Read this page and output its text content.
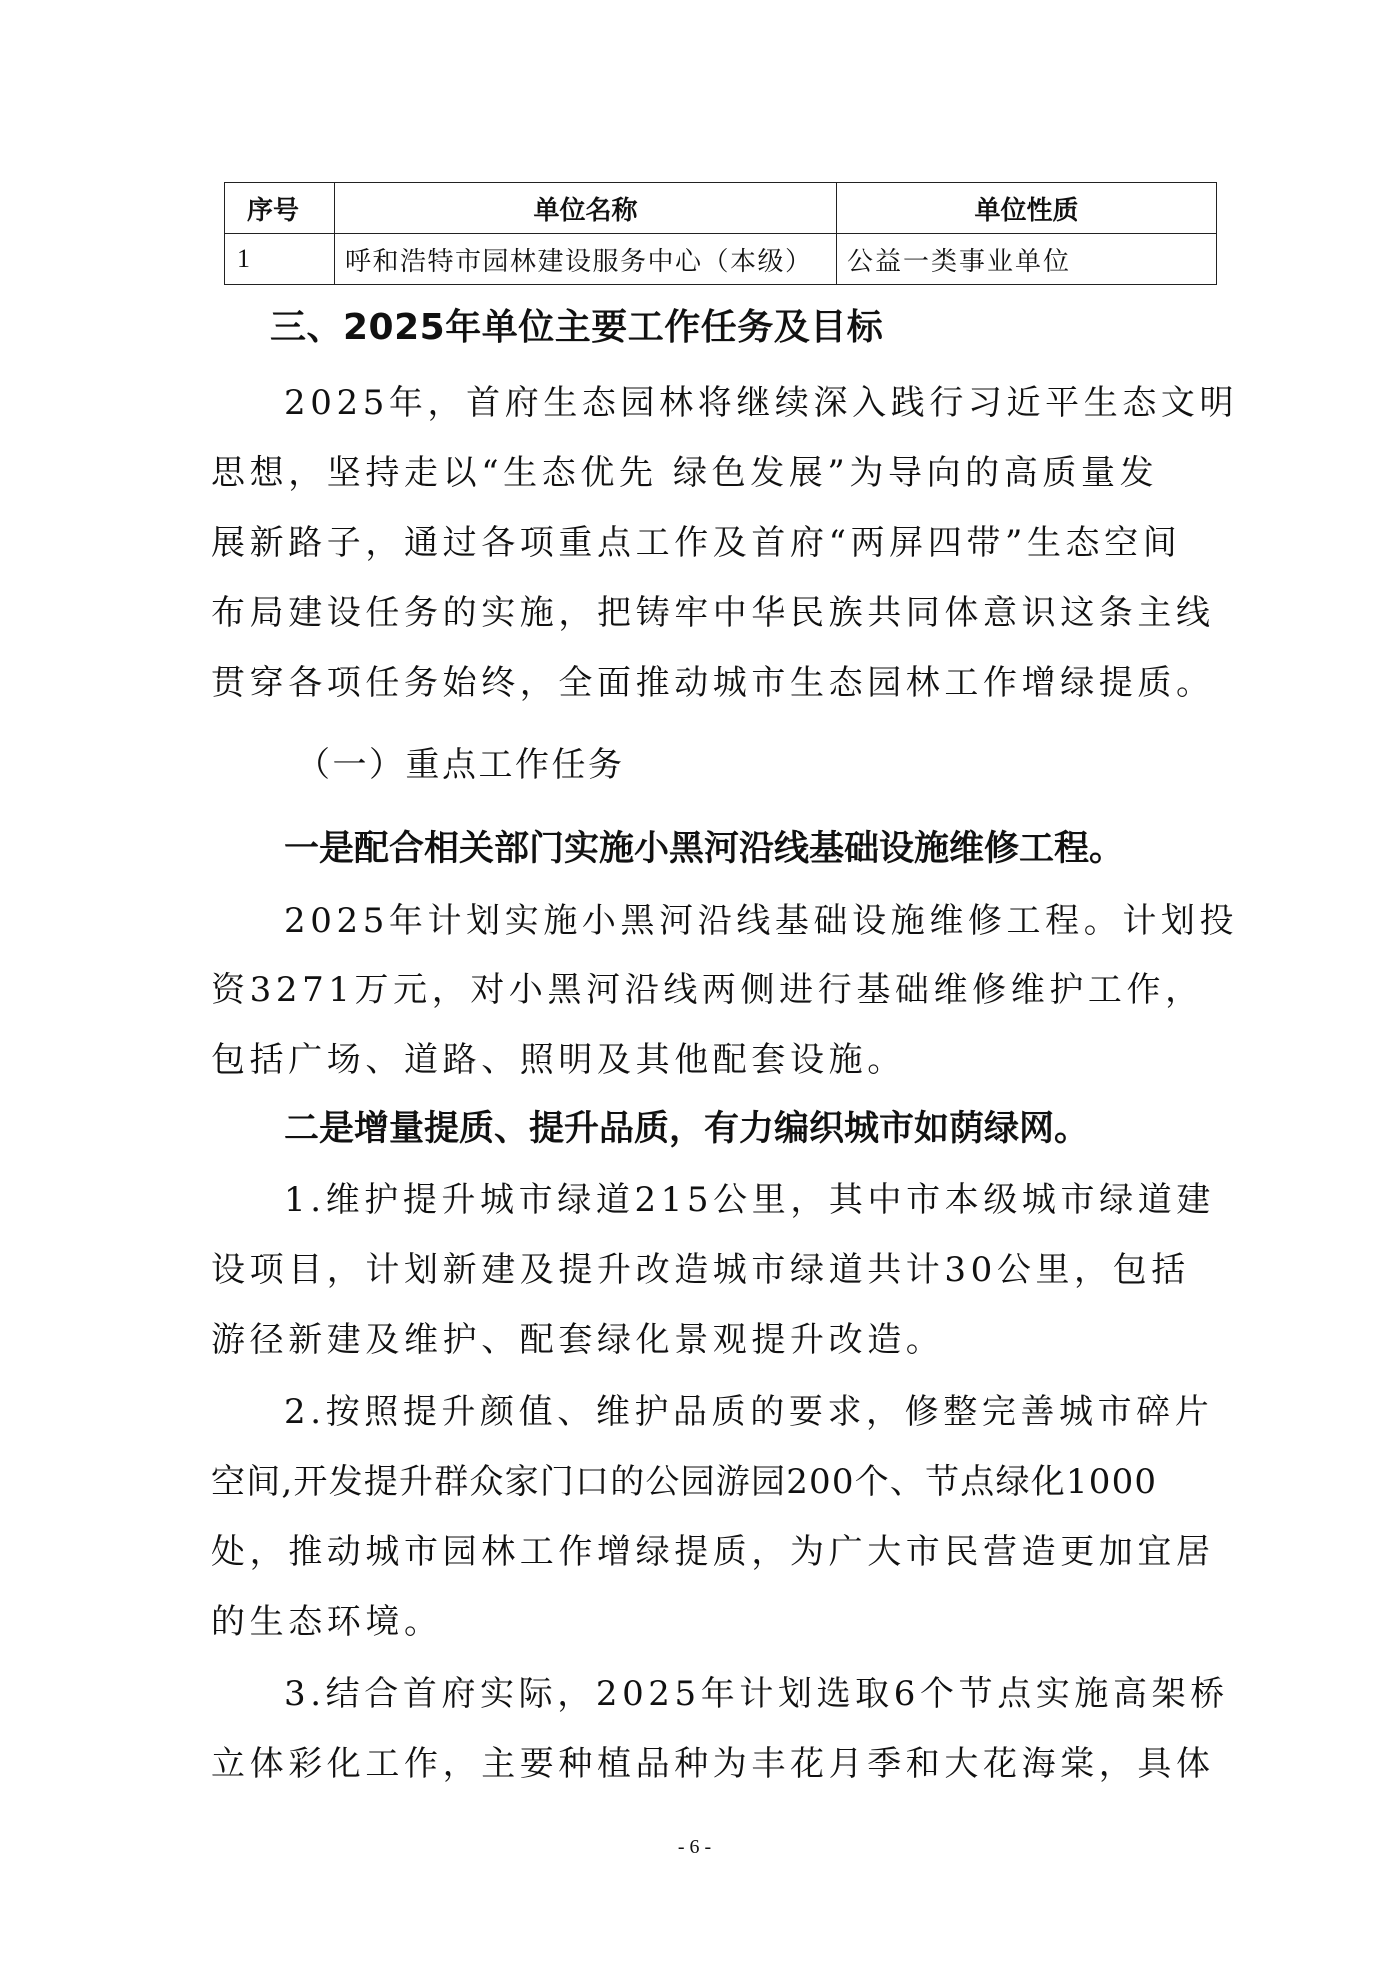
序号	单位名称	单位性质
1	呼和浩特市园林建设服务中心（本级）	公益一类事业单位

三、2025年单位主要工作任务及目标

2025年，首府生态园林将继续深入践行习近平生态文明

思想，坚持走以“生态优先 绿色发展”为导向的高质量发

展新路子，通过各项重点工作及首府“两屏四带”生态空间

布局建设任务的实施，把铸牢中华民族共同体意识这条主线

贯穿各项任务始终，全面推动城市生态园林工作增绿提质。

（一）重点工作任务

一是配合相关部门实施小黑河沿线基础设施维修工程。

2025年计划实施小黑河沿线基础设施维修工程。计划投

资3271万元，对小黑河沿线两侧进行基础维修维护工作，

包括广场、道路、照明及其他配套设施。

二是增量提质、提升品质，有力编织城市如荫绿网。

1.维护提升城市绿道215公里，其中市本级城市绿道建

设项目，计划新建及提升改造城市绿道共计30公里，包括

游径新建及维护、配套绿化景观提升改造。

2.按照提升颜值、维护品质的要求，修整完善城市碎片

空间,开发提升群众家门口的公园游园200个、节点绿化1000

处，推动城市园林工作增绿提质，为广大市民营造更加宜居

的生态环境。

3.结合首府实际，2025年计划选取6个节点实施高架桥

立体彩化工作，主要种植品种为丰花月季和大花海棠，具体

- 6 -
